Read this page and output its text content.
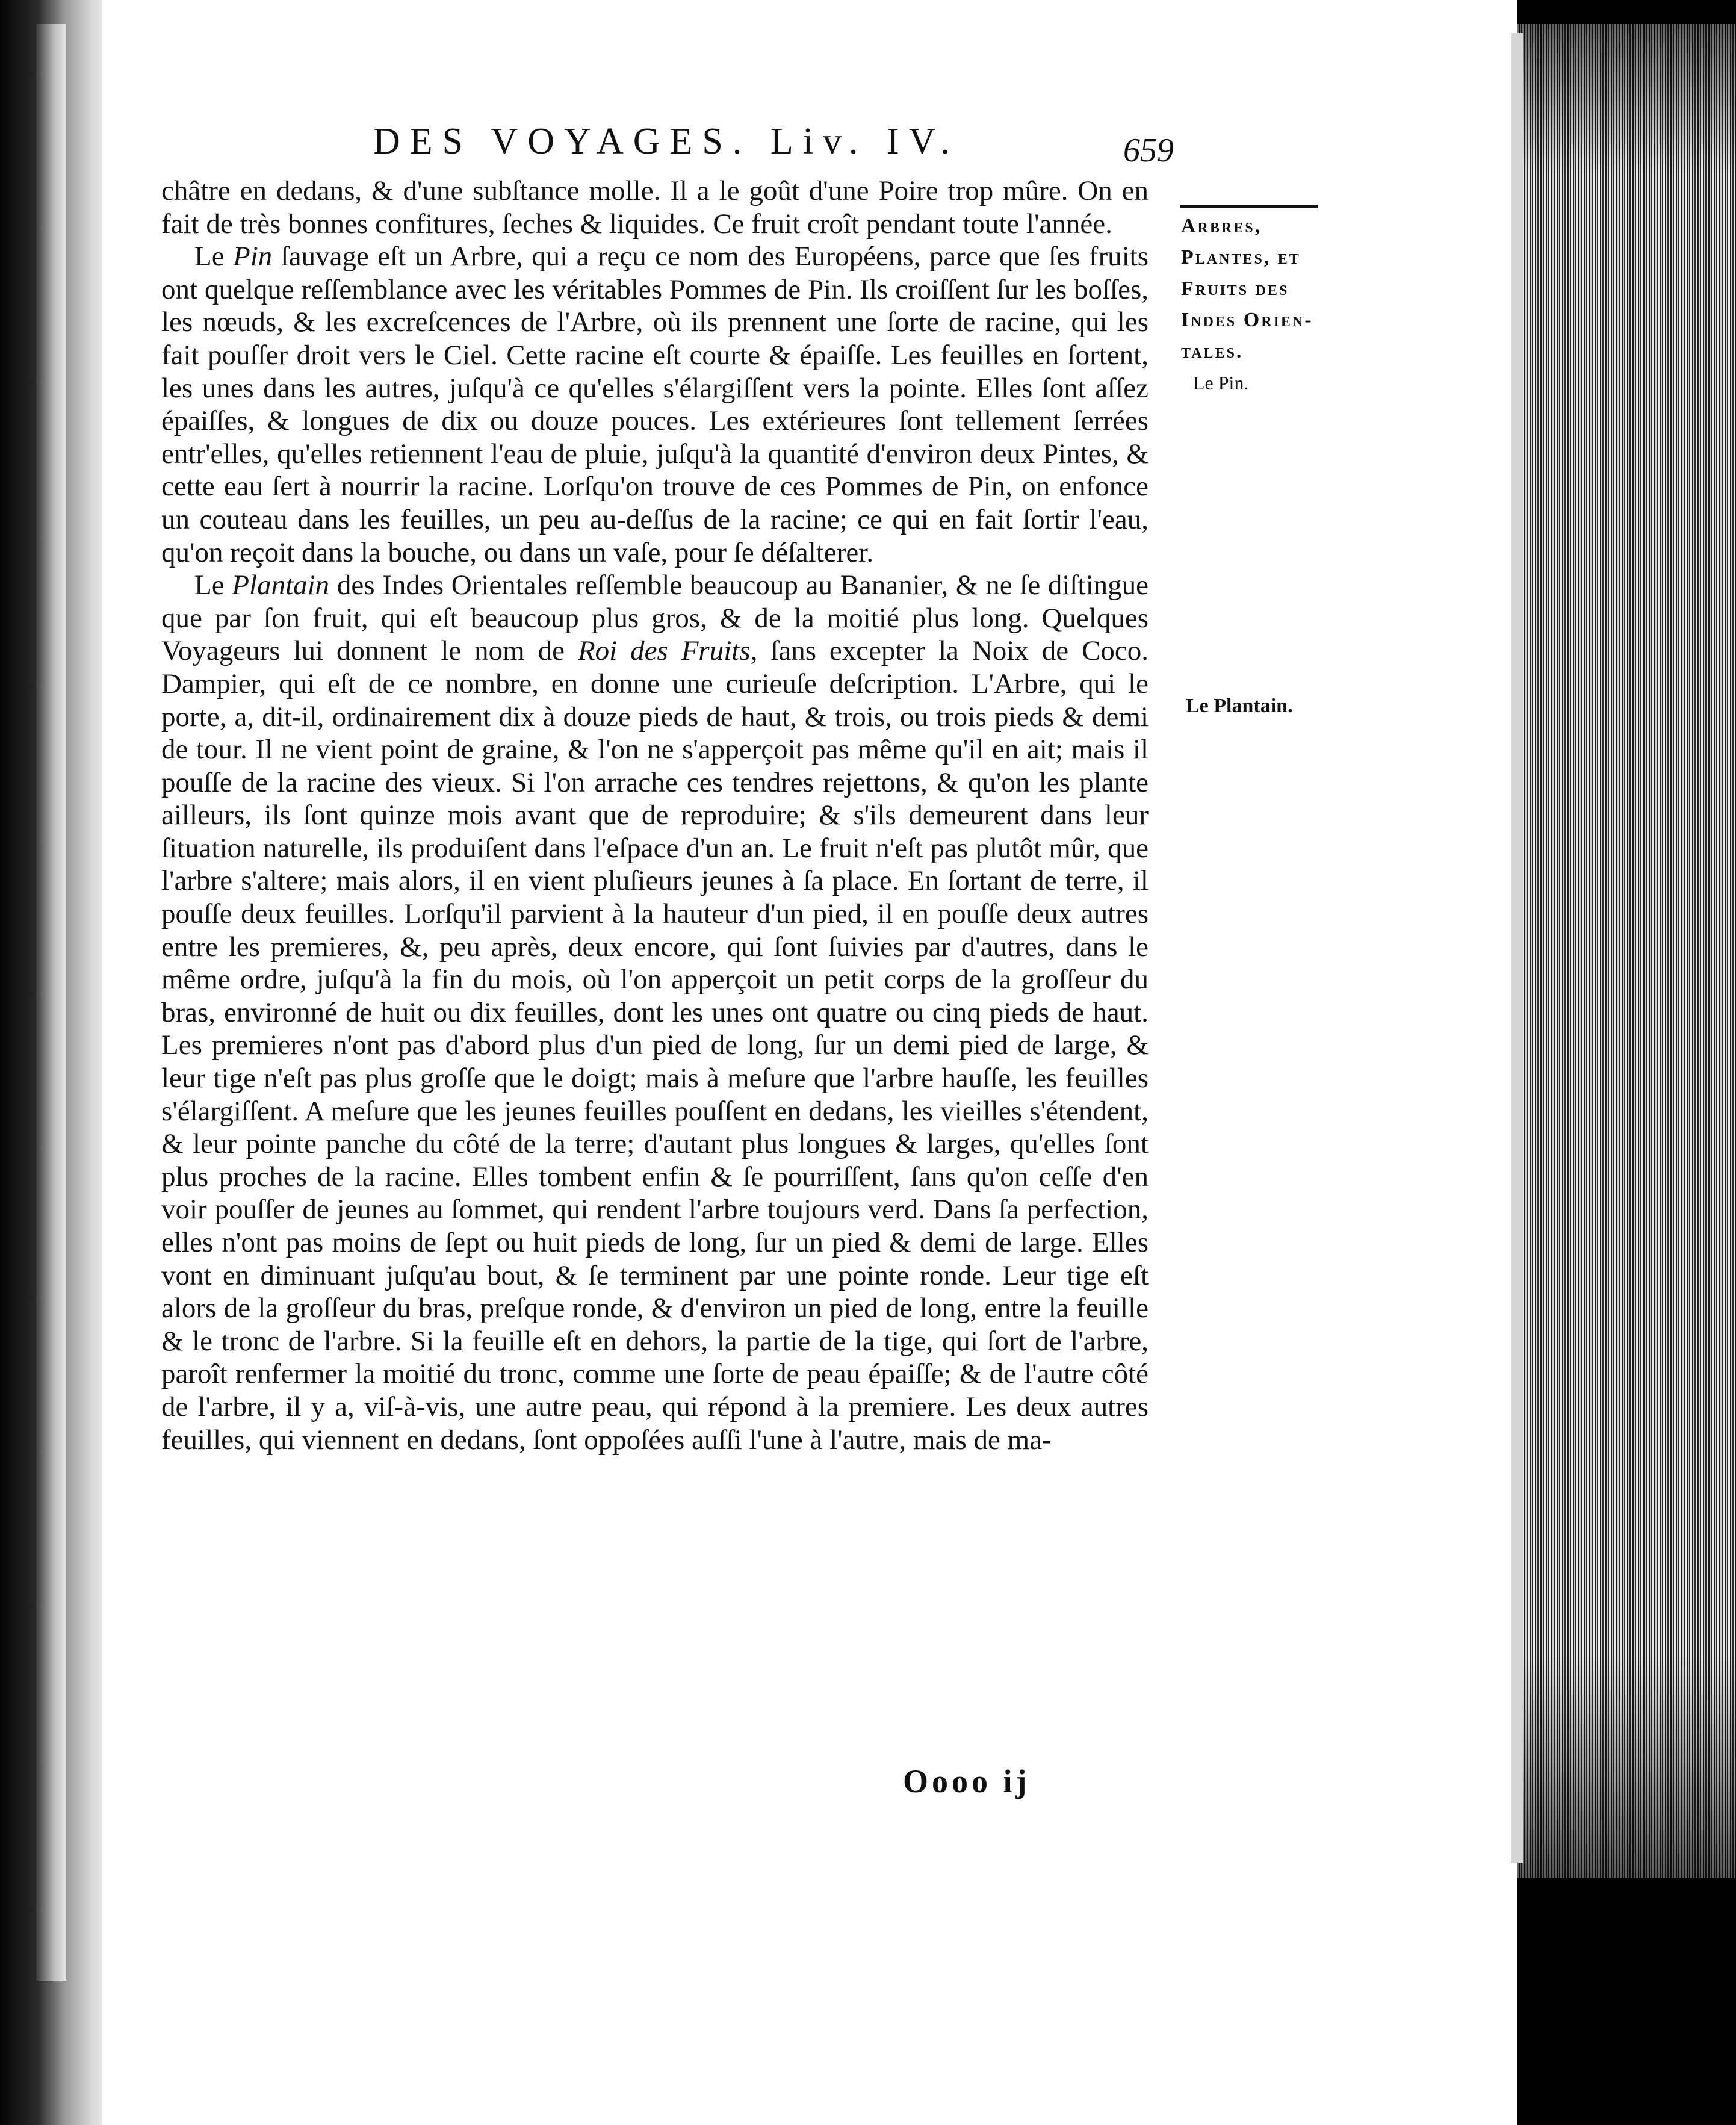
DES VOYAGES. Liv. IV.	659

châtre en dedans, & d'une subſtance molle. Il a le goût d'une Poire trop mûre. On en fait de très bonnes confitures, ſeches & liquides. Ce fruit croît pendant toute l'année.

Le Pin ſauvage eſt un Arbre, qui a reçu ce nom des Européens, parce que ſes fruits ont quelque reſſemblance avec les véritables Pommes de Pin. Ils croiſſent ſur les boſſes, les nœuds, & les excreſcences de l'Arbre, où ils prennent une ſorte de racine, qui les fait pouſſer droit vers le Ciel. Cette racine eſt courte & épaiſſe. Les feuilles en ſortent, les unes dans les autres, juſqu'à ce qu'elles s'élargiſſent vers la pointe. Elles ſont aſſez épaiſſes, & longues de dix ou douze pouces. Les extérieures ſont tellement ſerrées entr'elles, qu'elles retiennent l'eau de pluie, juſqu'à la quantité d'environ deux Pintes, & cette eau ſert à nourrir la racine. Lorſqu'on trouve de ces Pommes de Pin, on enfonce un couteau dans les feuilles, un peu au-deſſus de la racine; ce qui en fait ſortir l'eau, qu'on reçoit dans la bouche, ou dans un vaſe, pour ſe déſalterer.

Le Plantain des Indes Orientales reſſemble beaucoup au Bananier, & ne ſe diſtingue que par ſon fruit, qui eſt beaucoup plus gros, & de la moitié plus long. Quelques Voyageurs lui donnent le nom de Roi des Fruits, ſans excepter la Noix de Coco. Dampier, qui eſt de ce nombre, en donne une curieuſe deſcription. L'Arbre, qui le porte, a, dit-il, ordinairement dix à douze pieds de haut, & trois, ou trois pieds & demi de tour. Il ne vient point de graine, & l'on ne s'apperçoit pas même qu'il en ait; mais il pouſſe de la racine des vieux. Si l'on arrache ces tendres rejettons, & qu'on les plante ailleurs, ils ſont quinze mois avant que de reproduire; & s'ils demeurent dans leur ſituation naturelle, ils produiſent dans l'eſpace d'un an. Le fruit n'eſt pas plutôt mûr, que l'arbre s'altere; mais alors, il en vient pluſieurs jeunes à ſa place. En ſortant de terre, il pouſſe deux feuilles. Lorſqu'il parvient à la hauteur d'un pied, il en pouſſe deux autres entre les premieres, &, peu après, deux encore, qui ſont ſuivies par d'autres, dans le même ordre, juſqu'à la fin du mois, où l'on apperçoit un petit corps de la groſſeur du bras, environné de huit ou dix feuilles, dont les unes ont quatre ou cinq pieds de haut. Les premieres n'ont pas d'abord plus d'un pied de long, ſur un demi pied de large, & leur tige n'eſt pas plus groſſe que le doigt; mais à meſure que l'arbre hauſſe, les feuilles s'élargiſſent. A meſure que les jeunes feuilles pouſſent en dedans, les vieilles s'étendent, & leur pointe panche du côté de la terre; d'autant plus longues & larges, qu'elles ſont plus proches de la racine. Elles tombent enfin & ſe pourriſſent, ſans qu'on ceſſe d'en voir pouſſer de jeunes au ſommet, qui rendent l'arbre toujours verd. Dans ſa perfection, elles n'ont pas moins de ſept ou huit pieds de long, ſur un pied & demi de large. Elles vont en diminuant juſqu'au bout, & ſe terminent par une pointe ronde. Leur tige eſt alors de la groſſeur du bras, preſque ronde, & d'environ un pied de long, entre la feuille & le tronc de l'arbre. Si la feuille eſt en dehors, la partie de la tige, qui ſort de l'arbre, paroît renfermer la moitié du tronc, comme une ſorte de peau épaiſſe; & de l'autre côté de l'arbre, il y a, viſ-à-vis, une autre peau, qui répond à la premiere. Les deux autres feuilles, qui viennent en dedans, ſont oppoſées auſſi l'une à l'autre, mais de ma-

Arbres,
Plantes, et
Fruits des
Indes Orien-
tales.
Le Pin.
Le Plantain.
Oooo ij
